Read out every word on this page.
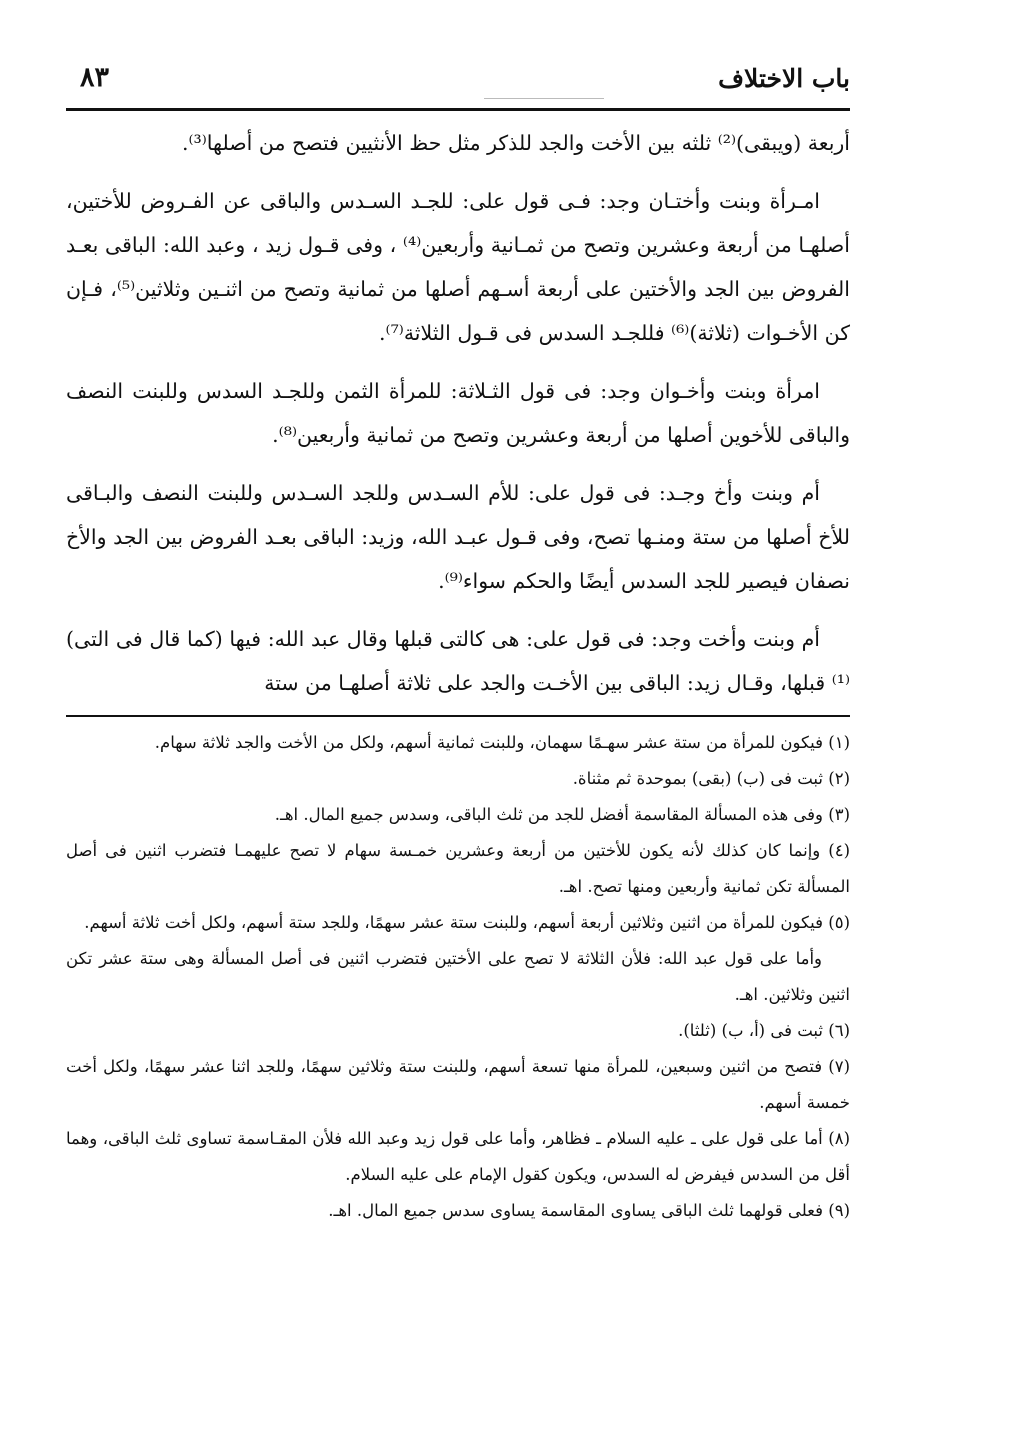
باب الاختلاف
٨٣

أربعة (ويبقى)⁽²⁾ ثلثه بين الأخت والجد للذكر مثل حظ الأنثيين فتصح من أصلها⁽³⁾.

امـرأة وبنت وأختـان وجد: فـى قول على: للجـد السـدس والباقى عن الفـروض للأختين، أصلهـا من أربعة وعشرين وتصح من ثمـانية وأربعين⁽⁴⁾ ، وفى قـول زيد ، وعبد الله: الباقى بعـد الفروض بين الجد والأختين على أربعة أسـهم أصلها من ثمانية وتصح من اثنـين وثلاثين⁽⁵⁾، فـإن كن الأخـوات (ثلاثة)⁽⁶⁾ فللجـد السدس فى قـول الثلاثة⁽⁷⁾.

امرأة وبنت وأخـوان وجد: فى قول الثـلاثة: للمرأة الثمن وللجـد السدس وللبنت النصف والباقى للأخوين أصلها من أربعة وعشرين وتصح من ثمانية وأربعين⁽⁸⁾.

أم وبنت وأخ وجـد: فى قول على: للأم السـدس وللجد السـدس وللبنت النصف والبـاقى للأخ أصلها من ستة ومنـها تصح، وفى قـول عبـد الله، وزيد: الباقى بعـد الفروض بين الجد والأخ نصفان فيصير للجد السدس أيضًا والحكم سواء⁽⁹⁾.

أم وبنت وأخت وجد: فى قول على: هى كالتى قبلها وقال عبد الله: فيها (كما قال فى التى)⁽¹⁾ قبلها، وقـال زيد: الباقى بين الأخـت والجد على ثلاثة أصلهـا من ستة

(١) فيكون للمرأة من ستة عشر سهـمًا سهمان، وللبنت ثمانية أسهم، ولكل من الأخت والجد ثلاثة سهام.

(٢) ثبت فى (ب) (بقى) بموحدة ثم مثناة.

(٣) وفى هذه المسألة المقاسمة أفضل للجد من ثلث الباقى، وسدس جميع المال. اهـ.

(٤) وإنما كان كذلك لأنه يكون للأختين من أربعة وعشرين خمـسة سهام لا تصح عليهمـا فتضرب اثنين فى أصل المسألة تكن ثمانية وأربعين ومنها تصح. اهـ.

(٥) فيكون للمرأة من اثنين وثلاثين أربعة أسهم، وللبنت ستة عشر سهمًا، وللجد ستة أسهم، ولكل أخت ثلاثة أسهم.

وأما على قول عبد الله: فلأن الثلاثة لا تصح على الأختين فتضرب اثنين فى أصل المسألة وهى ستة عشر تكن اثنين وثلاثين. اهـ.

(٦) ثبت فى (أ، ب) (ثلثا).

(٧) فتصح من اثنين وسبعين، للمرأة منها تسعة أسهم، وللبنت ستة وثلاثين سهمًا، وللجد اثنا عشر سهمًا، ولكل أخت خمسة أسهم.

(٨) أما على قول على ـ عليه السلام ـ فظاهر، وأما على قول زيد وعبد الله فلأن المقـاسمة تساوى ثلث الباقى، وهما أقل من السدس فيفرض له السدس، ويكون كقول الإمام على عليه السلام.

(٩) فعلى قولهما ثلث الباقى يساوى المقاسمة يساوى سدس جميع المال. اهـ.
